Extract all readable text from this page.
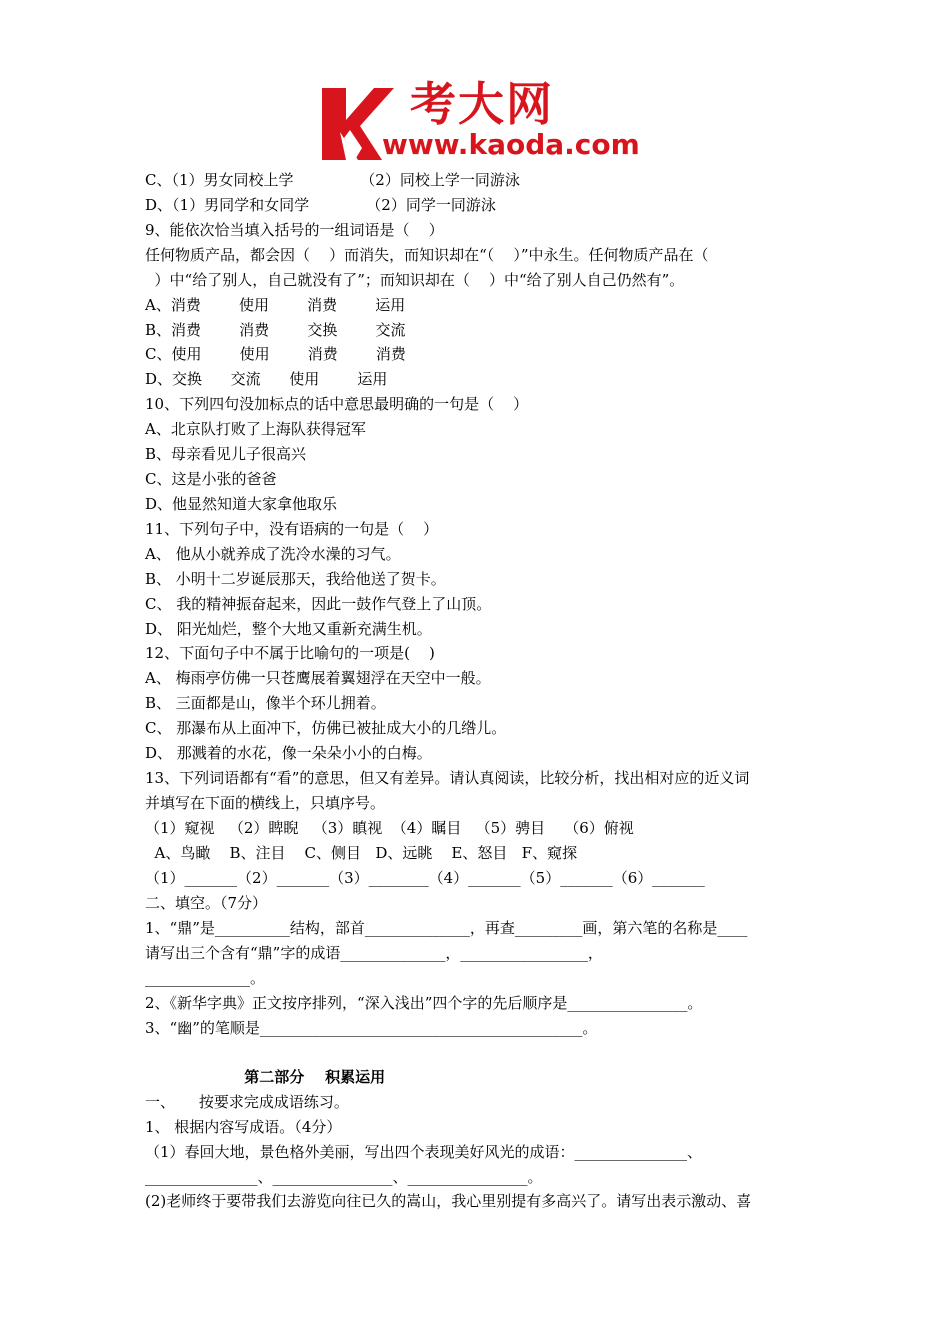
考大网
www.kaoda.com
C、（1）男女同校上学              （2）同校上学一同游泳
D、（1）男同学和女同学            （2）同学一同游泳
9、能依次恰当填入括号的一组词语是（    ）
任何物质产品，都会因（    ）而消失，而知识却在“（    ）”中永生。任何物质产品在（
）中“给了别人，自己就没有了”；而知识却在（    ）中“给了别人自己仍然有”。
A、消费        使用        消费        运用
B、消费        消费        交换        交流
C、使用        使用        消费        消费
D、交换      交流      使用        运用
10、下列四句没加标点的话中意思最明确的一句是（    ）
A、北京队打败了上海队获得冠军
B、母亲看见儿子很高兴
C、这是小张的爸爸
D、他显然知道大家拿他取乐
11、下列句子中，没有语病的一句是（    ）
A、 他从小就养成了洗冷水澡的习气。
B、 小明十二岁诞辰那天，我给他送了贺卡。
C、 我的精神振奋起来，因此一鼓作气登上了山顶。
D、 阳光灿烂，整个大地又重新充满生机。
12、下面句子中不属于比喻句的一项是(    )
A、 梅雨亭仿佛一只苍鹰展着翼翅浮在天空中一般。
B、 三面都是山，像半个环儿拥着。
C、 那瀑布从上面冲下，仿佛已被扯成大小的几绺儿。
D、 那溅着的水花，像一朵朵小小的白梅。
13、下列词语都有“看”的意思，但又有差异。请认真阅读，比较分析，找出相对应的近义词
并填写在下面的横线上，只填序号。
（1）窥视   （2）睥睨   （3）瞋视  （4）瞩目   （5）骋目    （6）俯视
A、鸟瞰    B、注目    C、侧目   D、远眺    E、怒目   F、窥探
（1）_______（2）_______（3）________（4）_______（5）_______（6）_______
二、填空。（7分）
1、“鼎”是__________结构，部首______________，再查_________画，第六笔的名称是____
请写出三个含有“鼎”字的成语______________，_________________，
______________。
2、《新华字典》正文按序排列，“深入浅出”四个字的先后顺序是________________。
3、“幽”的笔顺是___________________________________________。
第二部分    积累运用
一、     按要求完成成语练习。
1、 根据内容写成语。（4分）
（1）春回大地，景色格外美丽，写出四个表现美好风光的成语：_______________、
_______________、________________、________________。
(2)老师终于要带我们去游览向往已久的嵩山，我心里别提有多高兴了。请写出表示激动、喜
